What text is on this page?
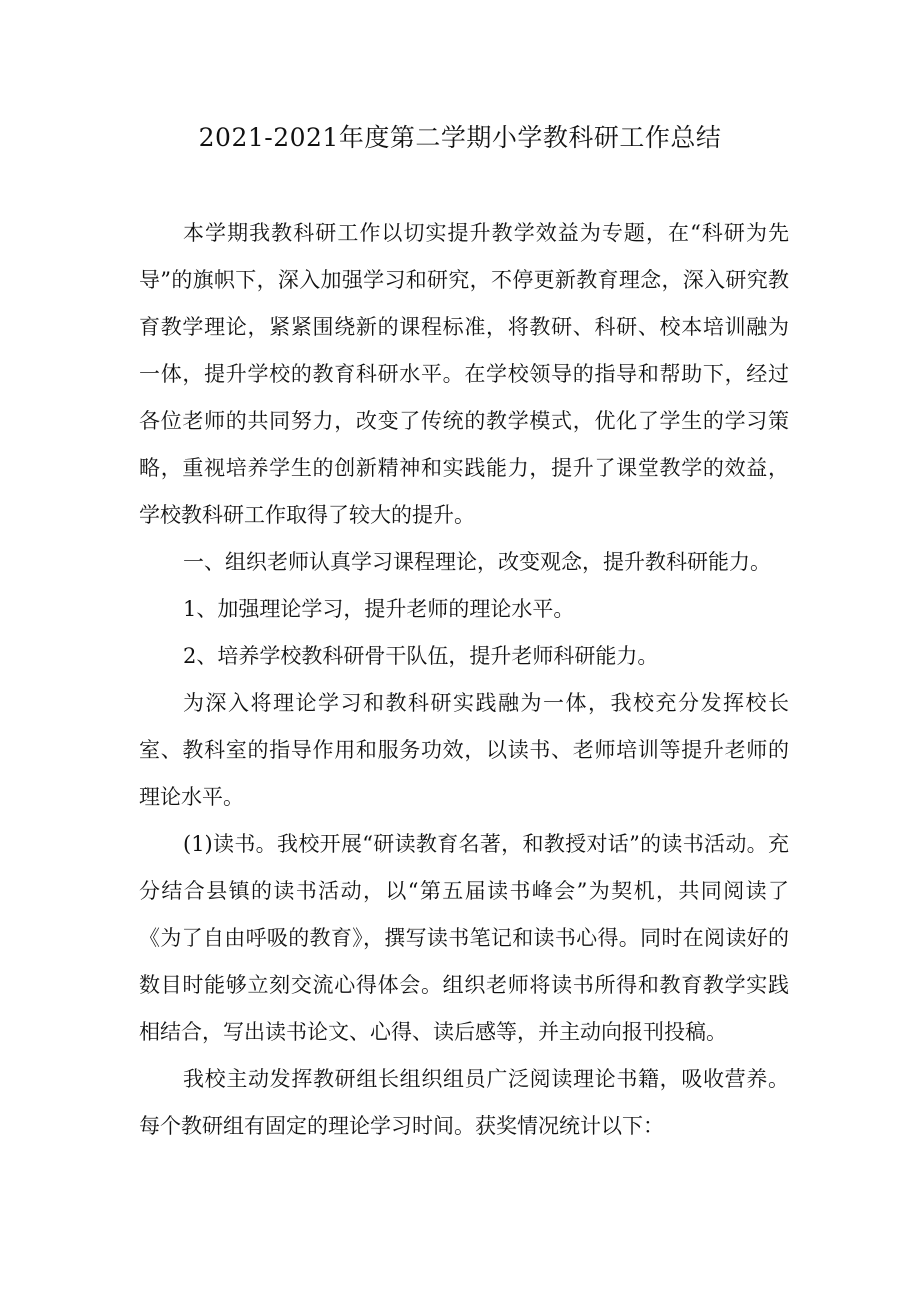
2021-2021年度第二学期小学教科研工作总结

本学期我教科研工作以切实提升教学效益为专题，在“科研为先导”的旗帜下，深入加强学习和研究，不停更新教育理念，深入研究教育教学理论，紧紧围绕新的课程标准，将教研、科研、校本培训融为一体，提升学校的教育科研水平。在学校领导的指导和帮助下，经过各位老师的共同努力，改变了传统的教学模式，优化了学生的学习策略，重视培养学生的创新精神和实践能力，提升了课堂教学的效益，学校教科研工作取得了较大的提升。

一、组织老师认真学习课程理论，改变观念，提升教科研能力。

1、加强理论学习，提升老师的理论水平。

2、培养学校教科研骨干队伍，提升老师科研能力。

为深入将理论学习和教科研实践融为一体，我校充分发挥校长室、教科室的指导作用和服务功效，以读书、老师培训等提升老师的理论水平。

(1)读书。我校开展“研读教育名著，和教授对话”的读书活动。充分结合县镇的读书活动，以“第五届读书峰会”为契机，共同阅读了《为了自由呼吸的教育》，撰写读书笔记和读书心得。同时在阅读好的数目时能够立刻交流心得体会。组织老师将读书所得和教育教学实践相结合，写出读书论文、心得、读后感等，并主动向报刊投稿。

我校主动发挥教研组长组织组员广泛阅读理论书籍，吸收营养。每个教研组有固定的理论学习时间。获奖情况统计以下：
